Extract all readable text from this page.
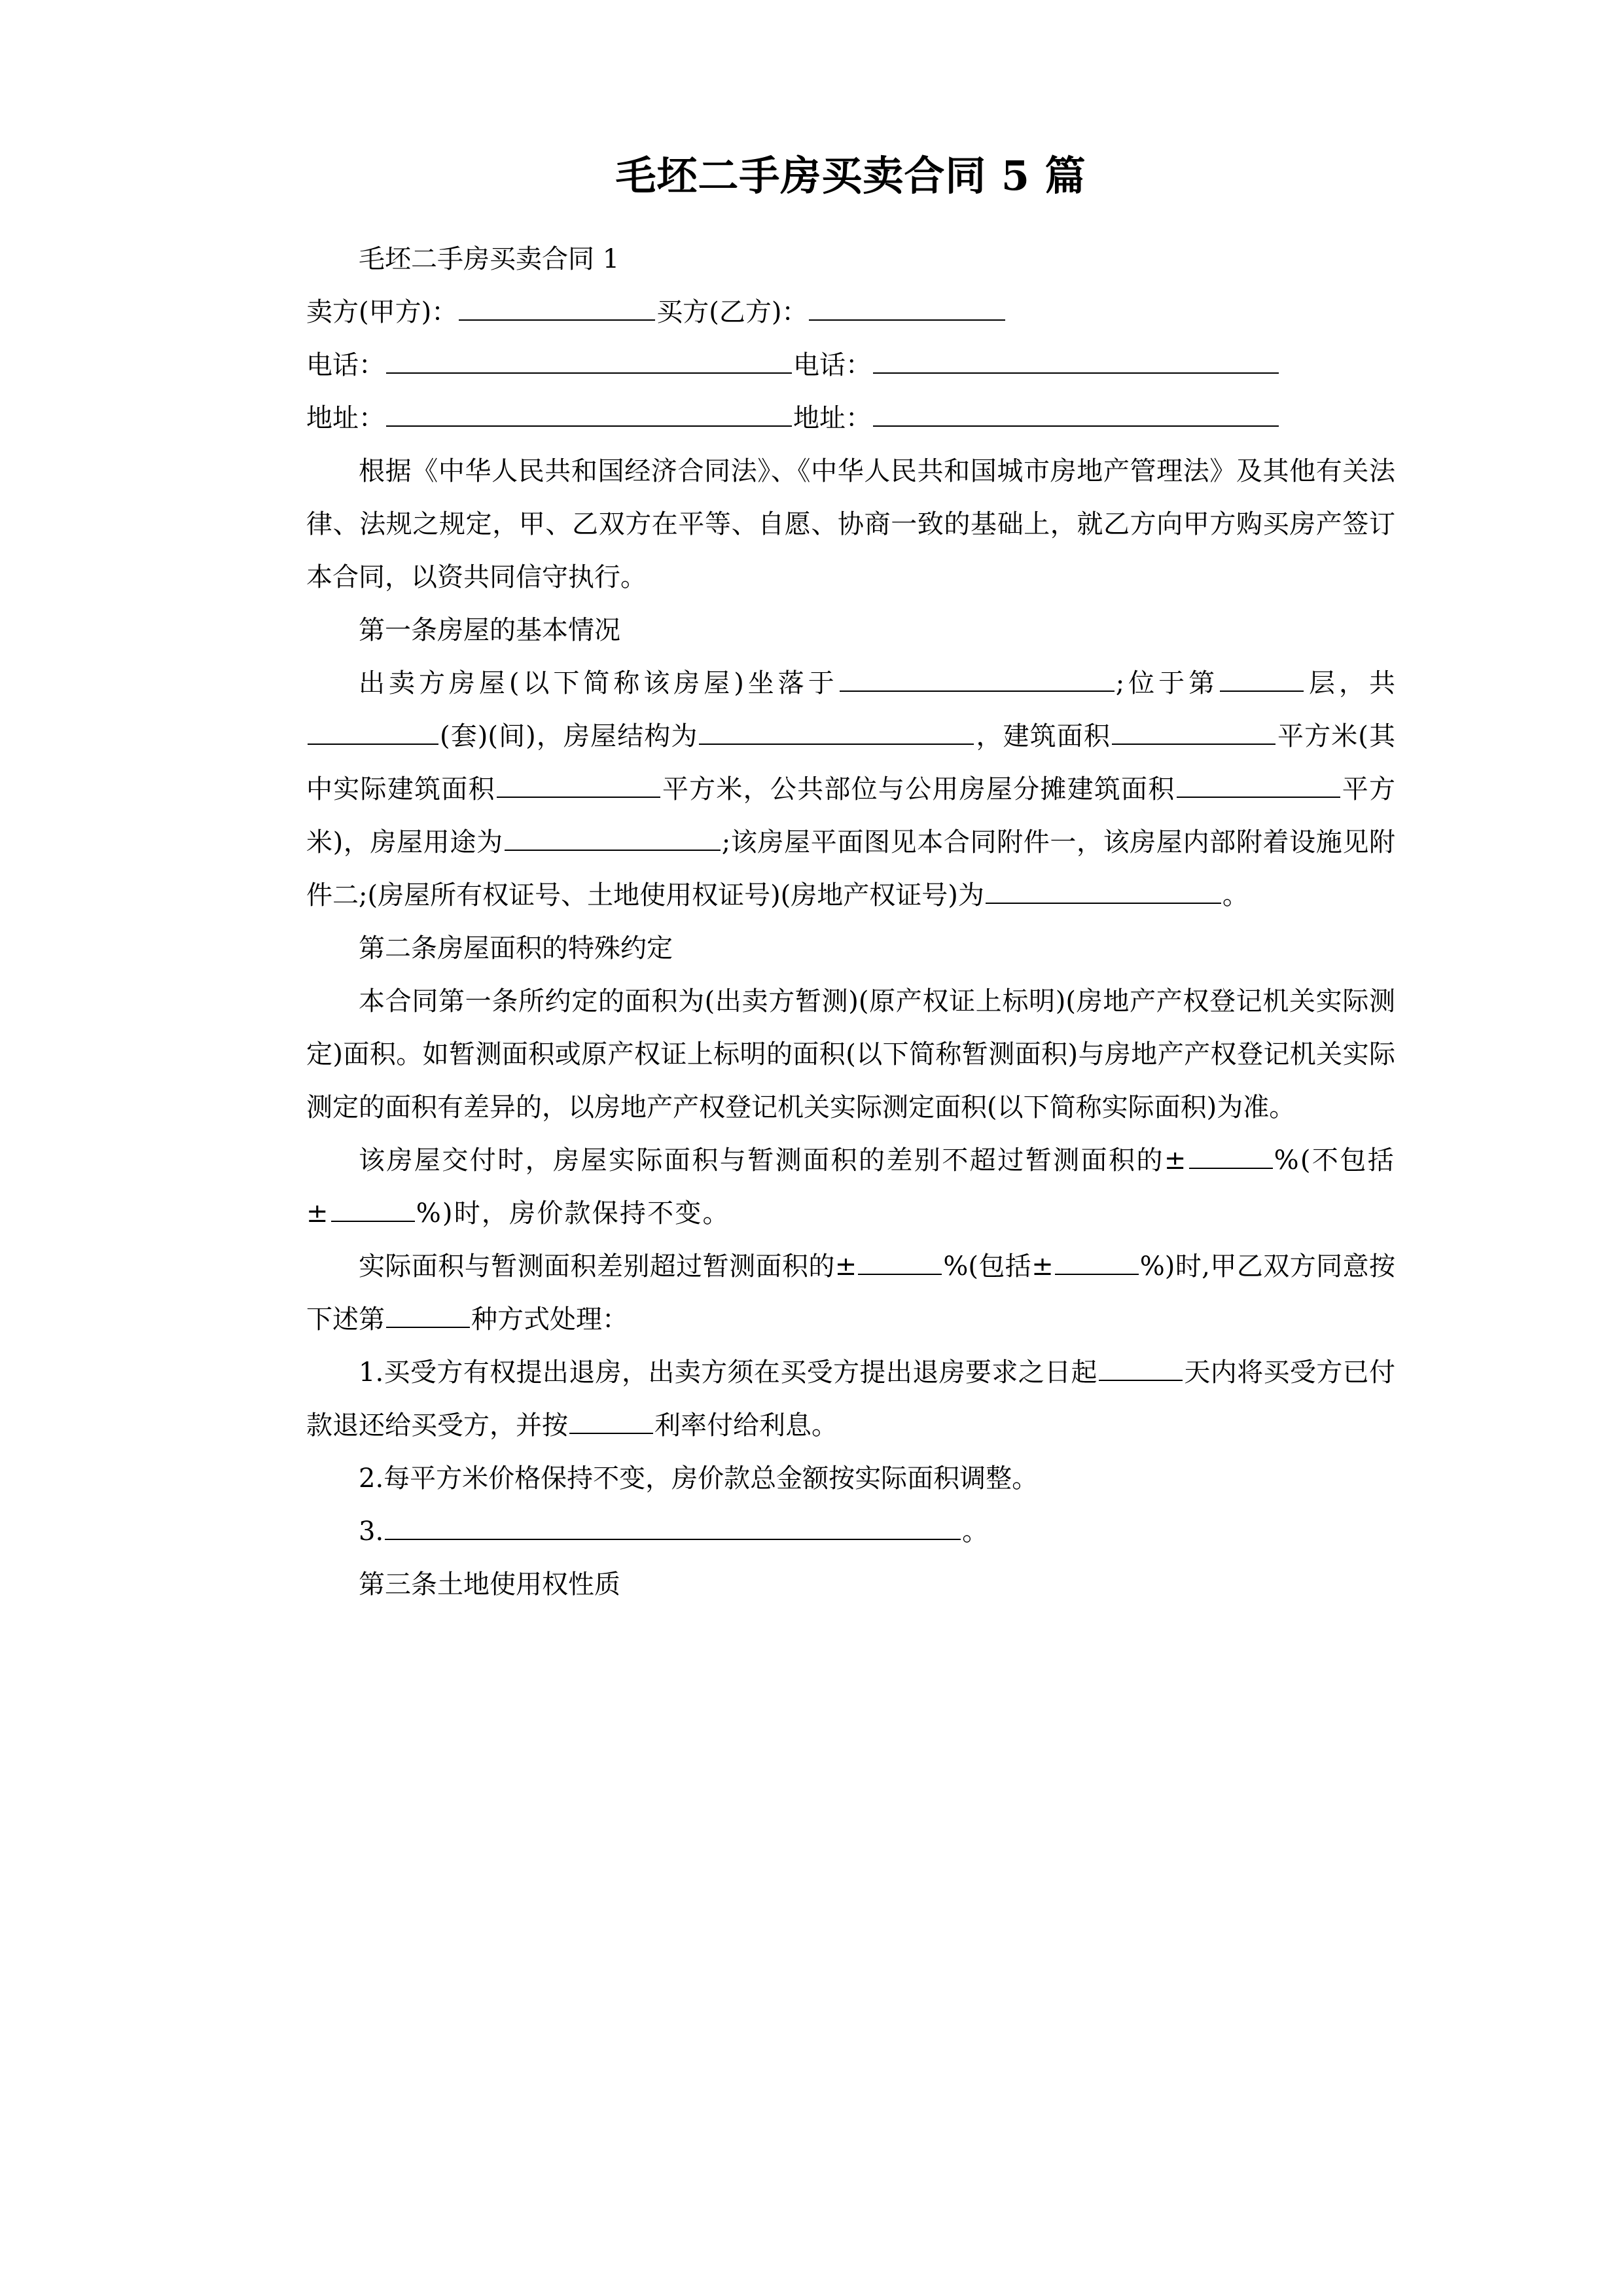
毛坯二手房买卖合同 5 篇

毛坯二手房买卖合同 1

卖方(甲方)：	买方(乙方)：
电话：	电话：
地址：	地址：

根据《中华人民共和国经济合同法》、《中华人民共和国城市房地产管理法》及其他有关法律、法规之规定，甲、乙双方在平等、自愿、协商一致的基础上，就乙方向甲方购买房产签订本合同，以资共同信守执行。

第一条房屋的基本情况

出卖方房屋(以下简称该房屋)坐落于	;位于第	层，共(套)(间)，房屋结构为	，建筑面积	平方米(其中实际建筑面积	平方米，公共部位与公用房屋分摊建筑面积	平方米)，房屋用途为	;该房屋平面图见本合同附件一，该房屋内部附着设施见附件二;(房屋所有权证号、土地使用权证号)(房地产权证号)为	。

第二条房屋面积的特殊约定

本合同第一条所约定的面积为(出卖方暂测)(原产权证上标明)(房地产产权登记机关实际测定)面积。如暂测面积或原产权证上标明的面积(以下简称暂测面积)与房地产产权登记机关实际测定的面积有差异的，以房地产产权登记机关实际测定面积(以下简称实际面积)为准。

该房屋交付时，房屋实际面积与暂测面积的差别不超过暂测面积的±	%(不包括±	%)时，房价款保持不变。

实际面积与暂测面积差别超过暂测面积的±	%(包括±	%)时,甲乙双方同意按下述第	种方式处理：

1.买受方有权提出退房，出卖方须在买受方提出退房要求之日起	天内将买受方已付款退还给买受方，并按	利率付给利息。

2.每平方米价格保持不变，房价款总金额按实际面积调整。

3.	。

第三条土地使用权性质
